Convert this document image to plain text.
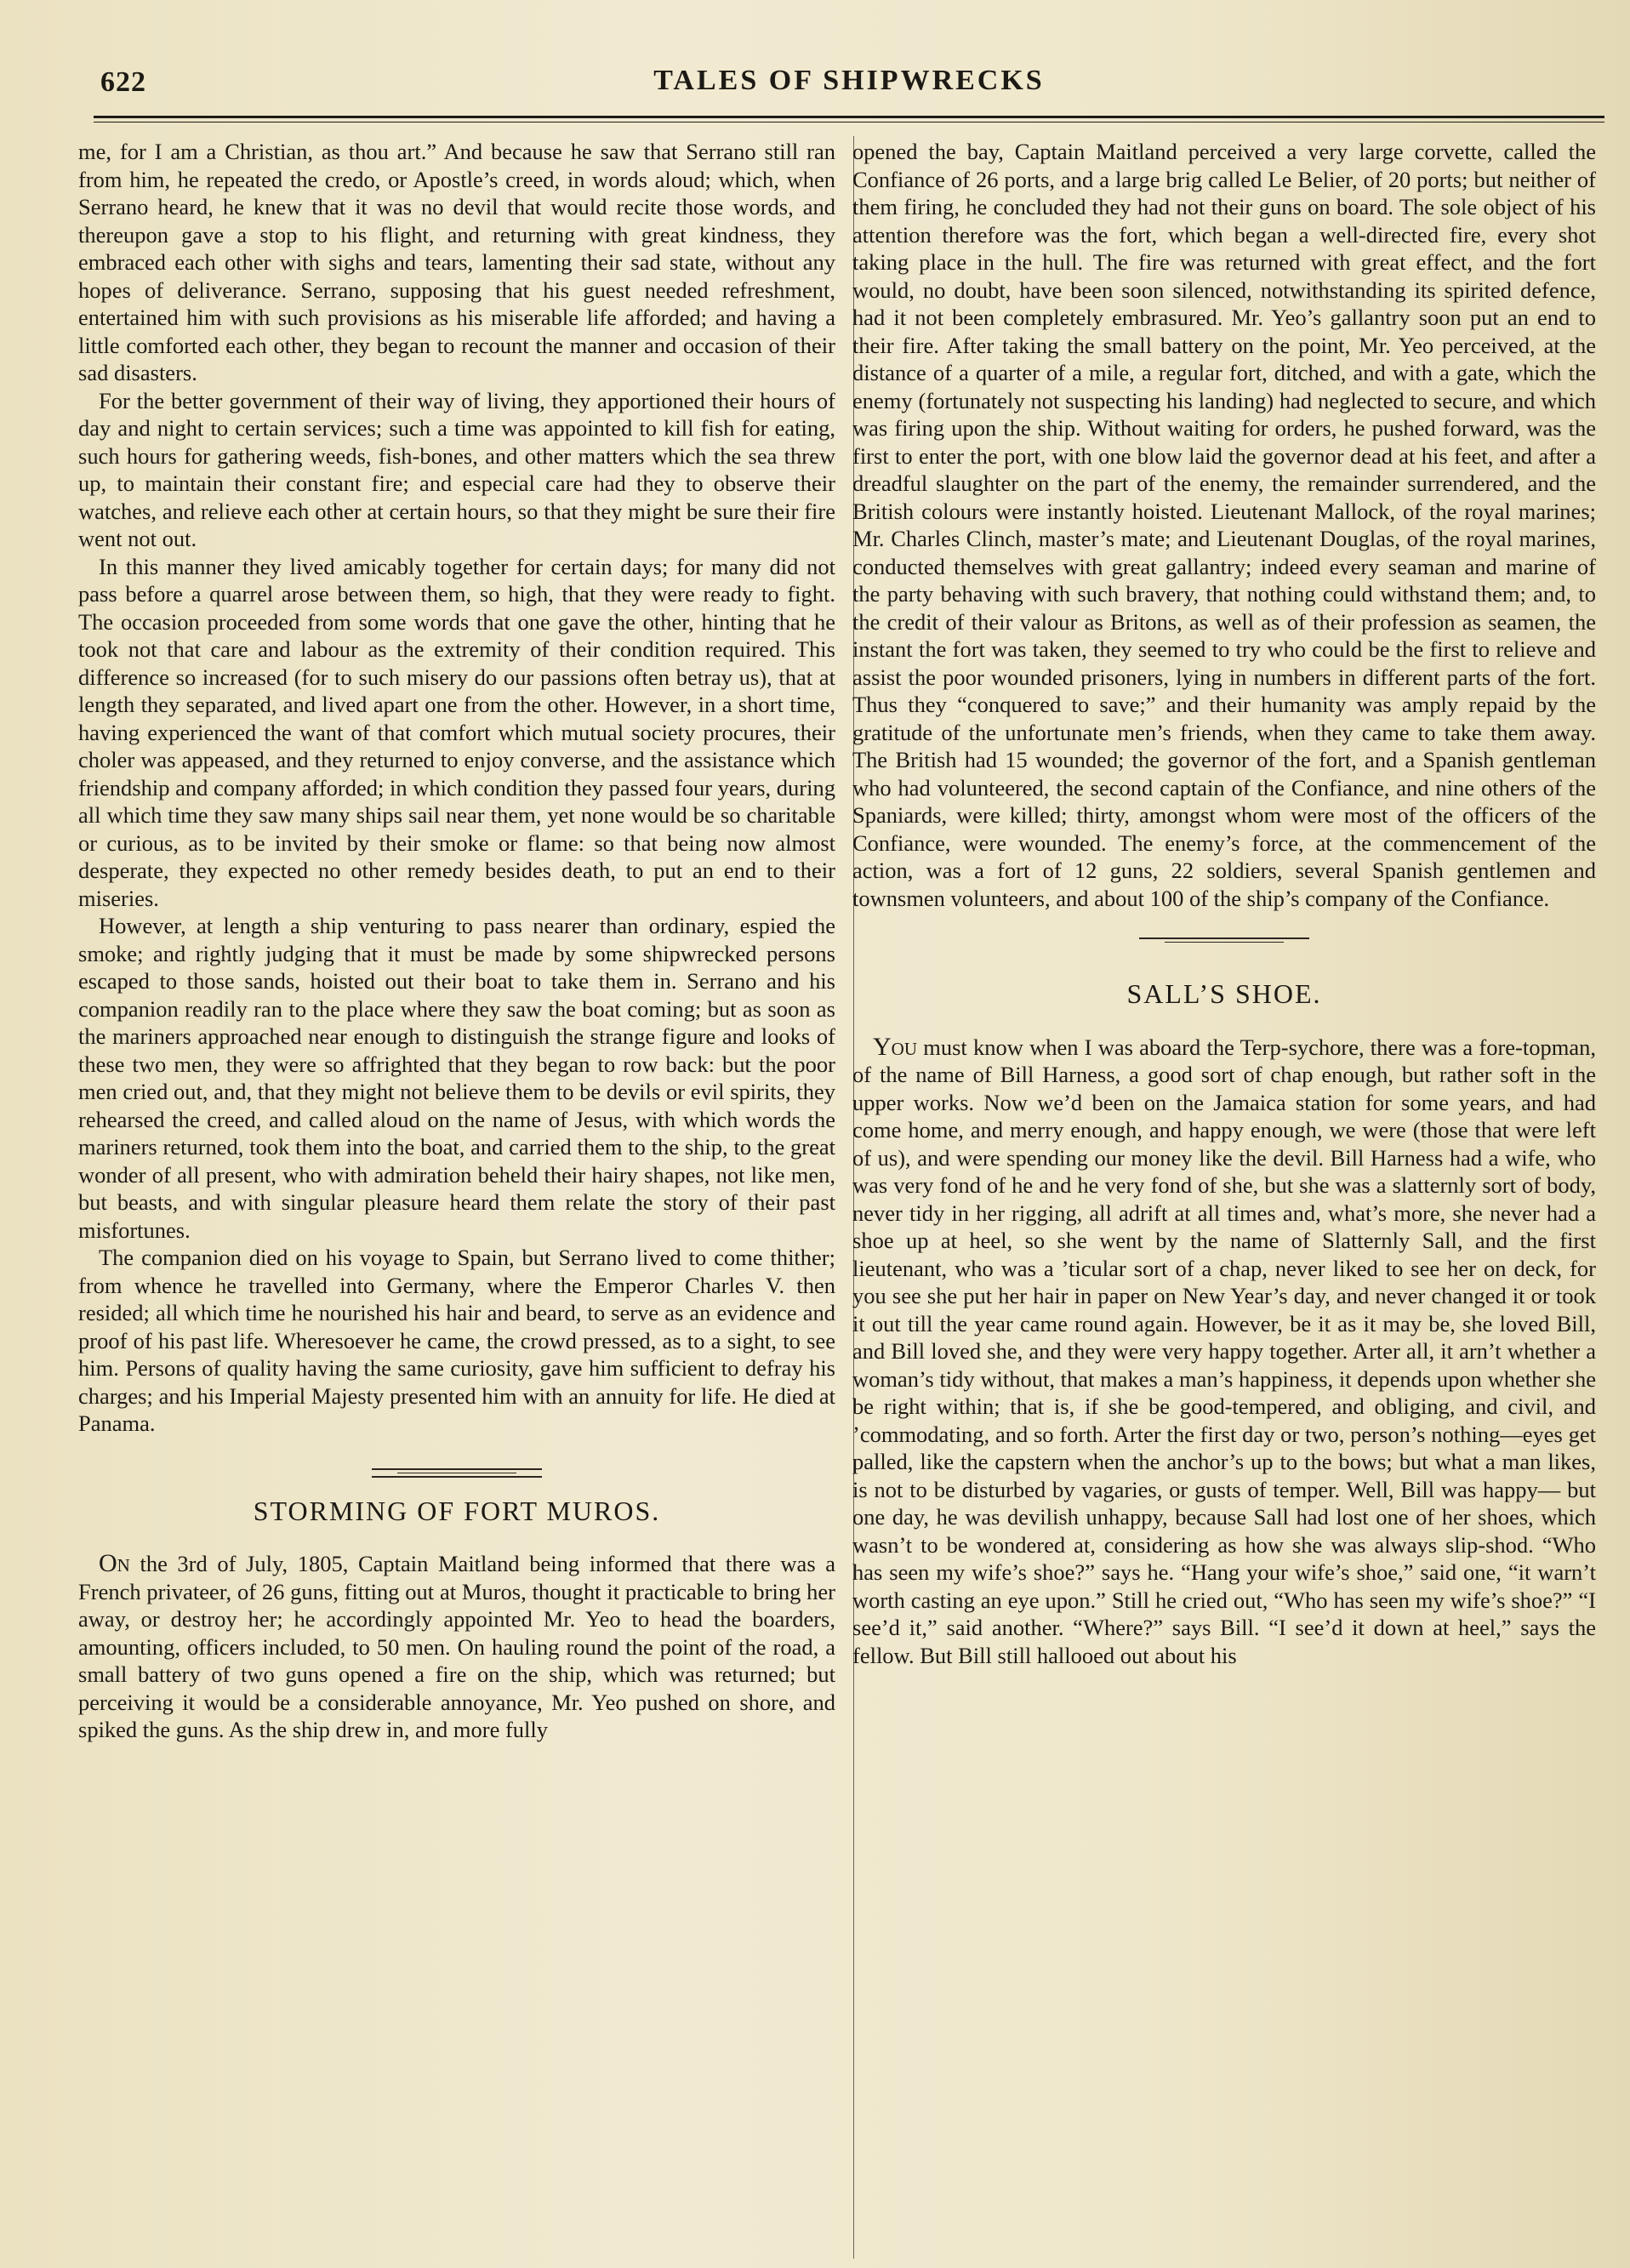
622	TALES OF SHIPWRECKS

me, for I am a Christian, as thou art.” And because he saw that Serrano still ran from him, he repeated the credo, or Apostle’s creed, in words aloud; which, when Serrano heard, he knew that it was no devil that would recite those words, and thereupon gave a stop to his flight, and returning with great kindness, they embraced each other with sighs and tears, lamenting their sad state, without any hopes of deliverance. Serrano, supposing that his guest needed refreshment, entertained him with such provisions as his miserable life afforded; and having a little comforted each other, they began to recount the manner and occasion of their sad disasters.

For the better government of their way of living, they apportioned their hours of day and night to certain services; such a time was appointed to kill fish for eating, such hours for gathering weeds, fish-bones, and other matters which the sea threw up, to maintain their constant fire; and especial care had they to observe their watches, and relieve each other at certain hours, so that they might be sure their fire went not out.

In this manner they lived amicably together for certain days; for many did not pass before a quarrel arose between them, so high, that they were ready to fight. The occasion proceeded from some words that one gave the other, hinting that he took not that care and labour as the extremity of their condition required. This difference so increased (for to such misery do our passions often betray us), that at length they separated, and lived apart one from the other. However, in a short time, having experienced the want of that comfort which mutual society procures, their choler was appeased, and they returned to enjoy converse, and the assistance which friendship and company afforded; in which condition they passed four years, during all which time they saw many ships sail near them, yet none would be so charitable or curious, as to be invited by their smoke or flame: so that being now almost desperate, they expected no other remedy besides death, to put an end to their miseries.

However, at length a ship venturing to pass nearer than ordinary, espied the smoke; and rightly judging that it must be made by some shipwrecked persons escaped to those sands, hoisted out their boat to take them in. Serrano and his companion readily ran to the place where they saw the boat coming; but as soon as the mariners approached near enough to distinguish the strange figure and looks of these two men, they were so affrighted that they began to row back: but the poor men cried out, and, that they might not believe them to be devils or evil spirits, they rehearsed the creed, and called aloud on the name of Jesus, with which words the mariners returned, took them into the boat, and carried them to the ship, to the great wonder of all present, who with admiration beheld their hairy shapes, not like men, but beasts, and with singular pleasure heard them relate the story of their past misfortunes.

The companion died on his voyage to Spain, but Serrano lived to come thither; from whence he travelled into Germany, where the Emperor Charles V. then resided; all which time he nourished his hair and beard, to serve as an evidence and proof of his past life. Wheresoever he came, the crowd pressed, as to a sight, to see him. Persons of quality having the same curiosity, gave him sufficient to defray his charges; and his Imperial Majesty presented him with an annuity for life. He died at Panama.

STORMING OF FORT MUROS.

On the 3rd of July, 1805, Captain Maitland being informed that there was a French privateer, of 26 guns, fitting out at Muros, thought it practicable to bring her away, or destroy her; he accordingly appointed Mr. Yeo to head the boarders, amounting, officers included, to 50 men. On hauling round the point of the road, a small battery of two guns opened a fire on the ship, which was returned; but perceiving it would be a considerable annoyance, Mr. Yeo pushed on shore, and spiked the guns. As the ship drew in, and more fully

opened the bay, Captain Maitland perceived a very large corvette, called the Confiance of 26 ports, and a large brig called Le Belier, of 20 ports; but neither of them firing, he concluded they had not their guns on board. The sole object of his attention therefore was the fort, which began a well-directed fire, every shot taking place in the hull. The fire was returned with great effect, and the fort would, no doubt, have been soon silenced, notwithstanding its spirited defence, had it not been completely embrasured. Mr. Yeo’s gallantry soon put an end to their fire. After taking the small battery on the point, Mr. Yeo perceived, at the distance of a quarter of a mile, a regular fort, ditched, and with a gate, which the enemy (fortunately not suspecting his landing) had neglected to secure, and which was firing upon the ship. Without waiting for orders, he pushed forward, was the first to enter the port, with one blow laid the governor dead at his feet, and after a dreadful slaughter on the part of the enemy, the remainder surrendered, and the British colours were instantly hoisted. Lieutenant Mallock, of the royal marines; Mr. Charles Clinch, master’s mate; and Lieutenant Douglas, of the royal marines, conducted themselves with great gallantry; indeed every seaman and marine of the party behaving with such bravery, that nothing could withstand them; and, to the credit of their valour as Britons, as well as of their profession as seamen, the instant the fort was taken, they seemed to try who could be the first to relieve and assist the poor wounded prisoners, lying in numbers in different parts of the fort. Thus they “conquered to save;” and their humanity was amply repaid by the gratitude of the unfortunate men’s friends, when they came to take them away. The British had 15 wounded; the governor of the fort, and a Spanish gentleman who had volunteered, the second captain of the Confiance, and nine others of the Spaniards, were killed; thirty, amongst whom were most of the officers of the Confiance, were wounded. The enemy’s force, at the commencement of the action, was a fort of 12 guns, 22 soldiers, several Spanish gentlemen and townsmen volunteers, and about 100 of the ship’s company of the Confiance.

SALL’S SHOE.

You must know when I was aboard the Terp-sychore, there was a fore-topman, of the name of Bill Harness, a good sort of chap enough, but rather soft in the upper works. Now we’d been on the Jamaica station for some years, and had come home, and merry enough, and happy enough, we were (those that were left of us), and were spending our money like the devil. Bill Harness had a wife, who was very fond of he and he very fond of she, but she was a slatternly sort of body, never tidy in her rigging, all adrift at all times and, what’s more, she never had a shoe up at heel, so she went by the name of Slatternly Sall, and the first lieutenant, who was a ’ticular sort of a chap, never liked to see her on deck, for you see she put her hair in paper on New Year’s day, and never changed it or took it out till the year came round again. However, be it as it may be, she loved Bill, and Bill loved she, and they were very happy together. Arter all, it arn’t whether a woman’s tidy without, that makes a man’s happiness, it depends upon whether she be right within; that is, if she be good-tempered, and obliging, and civil, and ’commodating, and so forth. Arter the first day or two, person’s nothing—eyes get palled, like the capstern when the anchor’s up to the bows; but what a man likes, is not to be disturbed by vagaries, or gusts of temper. Well, Bill was happy— but one day, he was devilish unhappy, because Sall had lost one of her shoes, which wasn’t to be wondered at, considering as how she was always slip-shod. “Who has seen my wife’s shoe?” says he. “Hang your wife’s shoe,” said one, “it warn’t worth casting an eye upon.” Still he cried out, “Who has seen my wife’s shoe?” “I see’d it,” said another. “Where?” says Bill. “I see’d it down at heel,” says the fellow. But Bill still hallooed out about his
